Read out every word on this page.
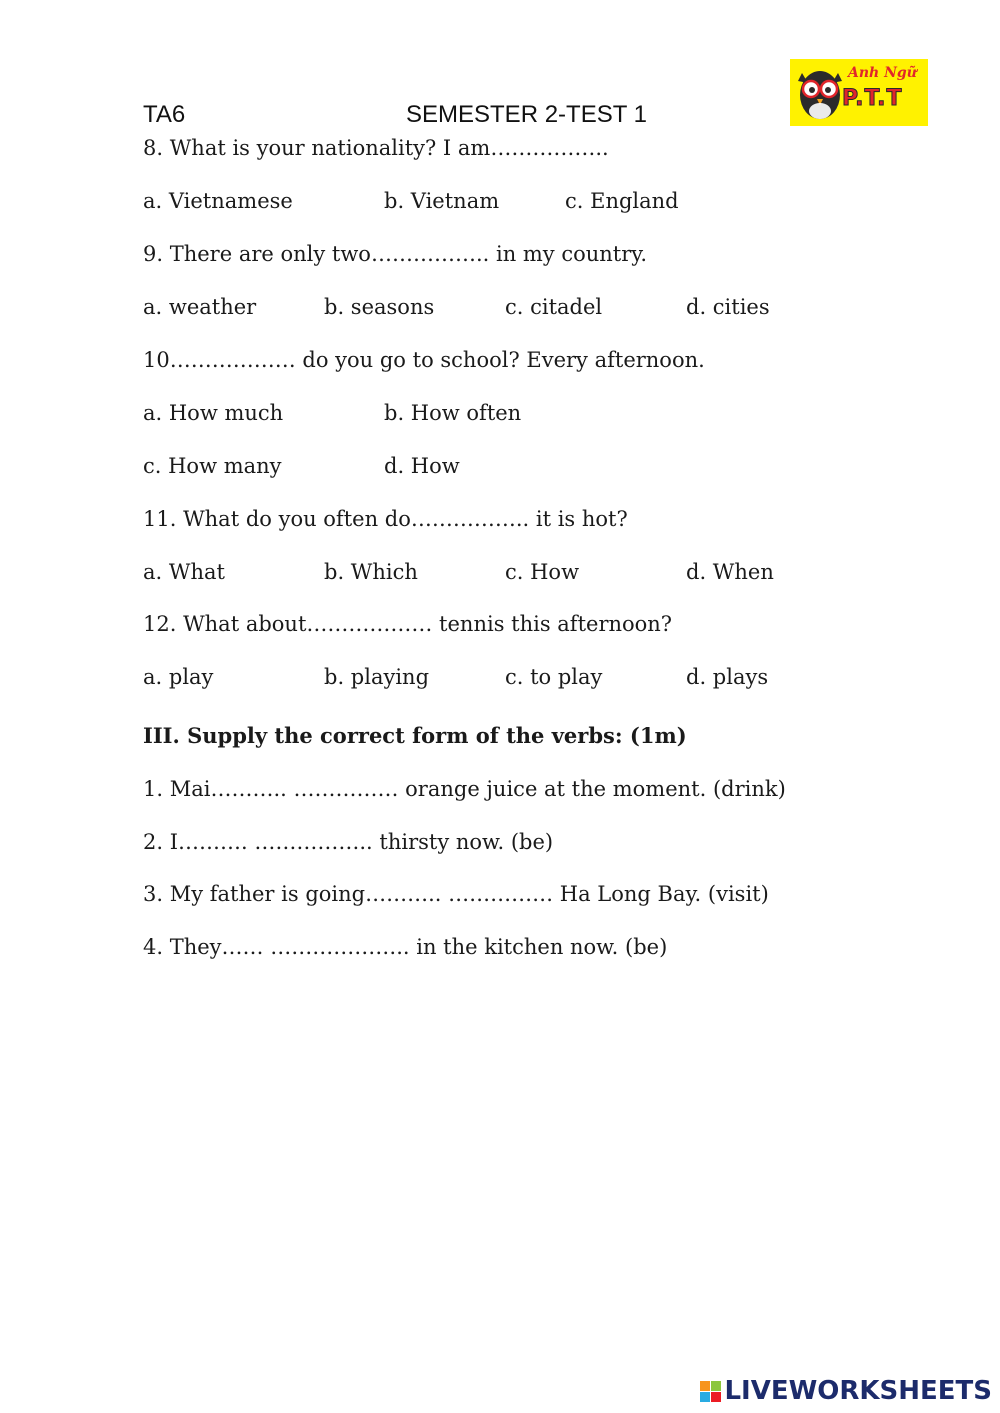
TA6	SEMESTER 2-TEST 1
Anh Ngữ
P.T.T
8. What is your nationality? I am……………..
a. Vietnamese	b. Vietnam	c. England
9. There are only two…………….. in my country.
a. weather	b. seasons	c. citadel	d. cities
10……………… do you go to school? Every afternoon.
a. How much	b. How often
c. How many	d. How
11. What do you often do…………….. it is hot?
a. What	b. Which	c. How	d. When
12. What about……………… tennis this afternoon?
a. play	b. playing	c. to play	d. plays
III. Supply the correct form of the verbs: (1m)
1. Mai……….. …………… orange juice at the moment. (drink)
2. I………. …………….. thirsty now. (be)
3. My father is going……….. …………… Ha Long Bay. (visit)
4. They…… ……………….. in the kitchen now. (be)
LIVEWORKSHEETS
